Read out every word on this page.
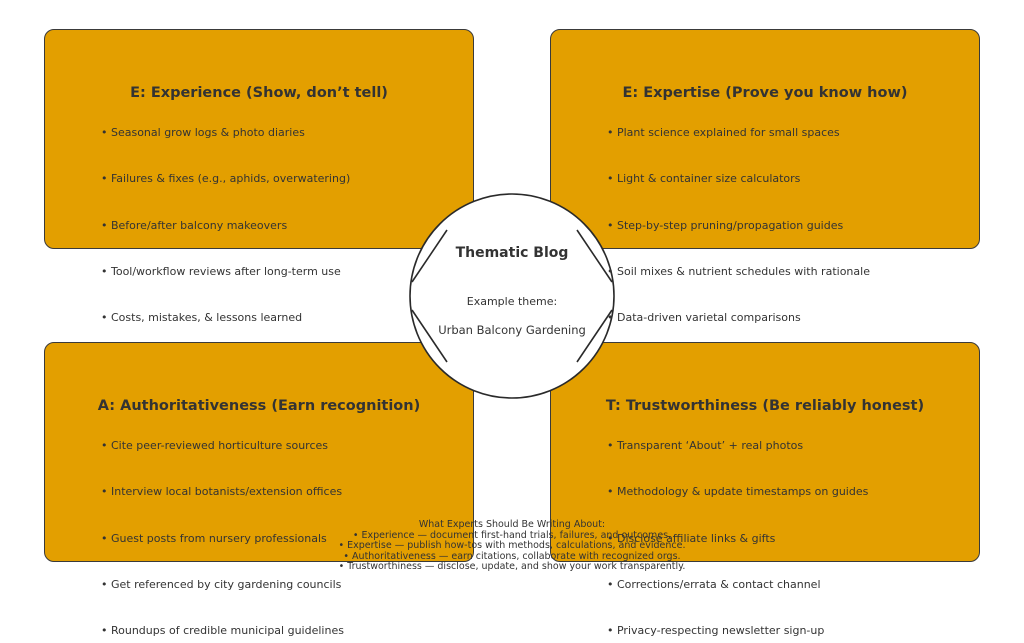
Thematic Blog
Example theme:
Urban Balcony Gardening
E: Experience (Show, don’t tell)
• Seasonal grow logs & photo diaries
• Failures & fixes (e.g., aphids, overwatering)
• Before/after balcony makeovers
• Tool/workflow reviews after long-term use
• Costs, mistakes, & lessons learned
E: Expertise (Prove you know how)
• Plant science explained for small spaces
• Light & container size calculators
• Step-by-step pruning/propagation guides
• Soil mixes & nutrient schedules with rationale
• Data-driven varietal comparisons
A: Authoritativeness (Earn recognition)
• Cite peer-reviewed horticulture sources
• Interview local botanists/extension offices
• Guest posts from nursery professionals
• Get referenced by city gardening councils
• Roundups of credible municipal guidelines
T: Trustworthiness (Be reliably honest)
• Transparent ‘About’ + real photos
• Methodology & update timestamps on guides
• Disclose affiliate links & gifts
• Corrections/errata & contact channel
• Privacy-respecting newsletter sign-up
What Experts Should Be Writing About:
• Experience — document first-hand trials, failures, and outcomes.
• Expertise — publish how-tos with methods, calculations, and evidence.
• Authoritativeness — earn citations, collaborate with recognized orgs.
• Trustworthiness — disclose, update, and show your work transparently.
